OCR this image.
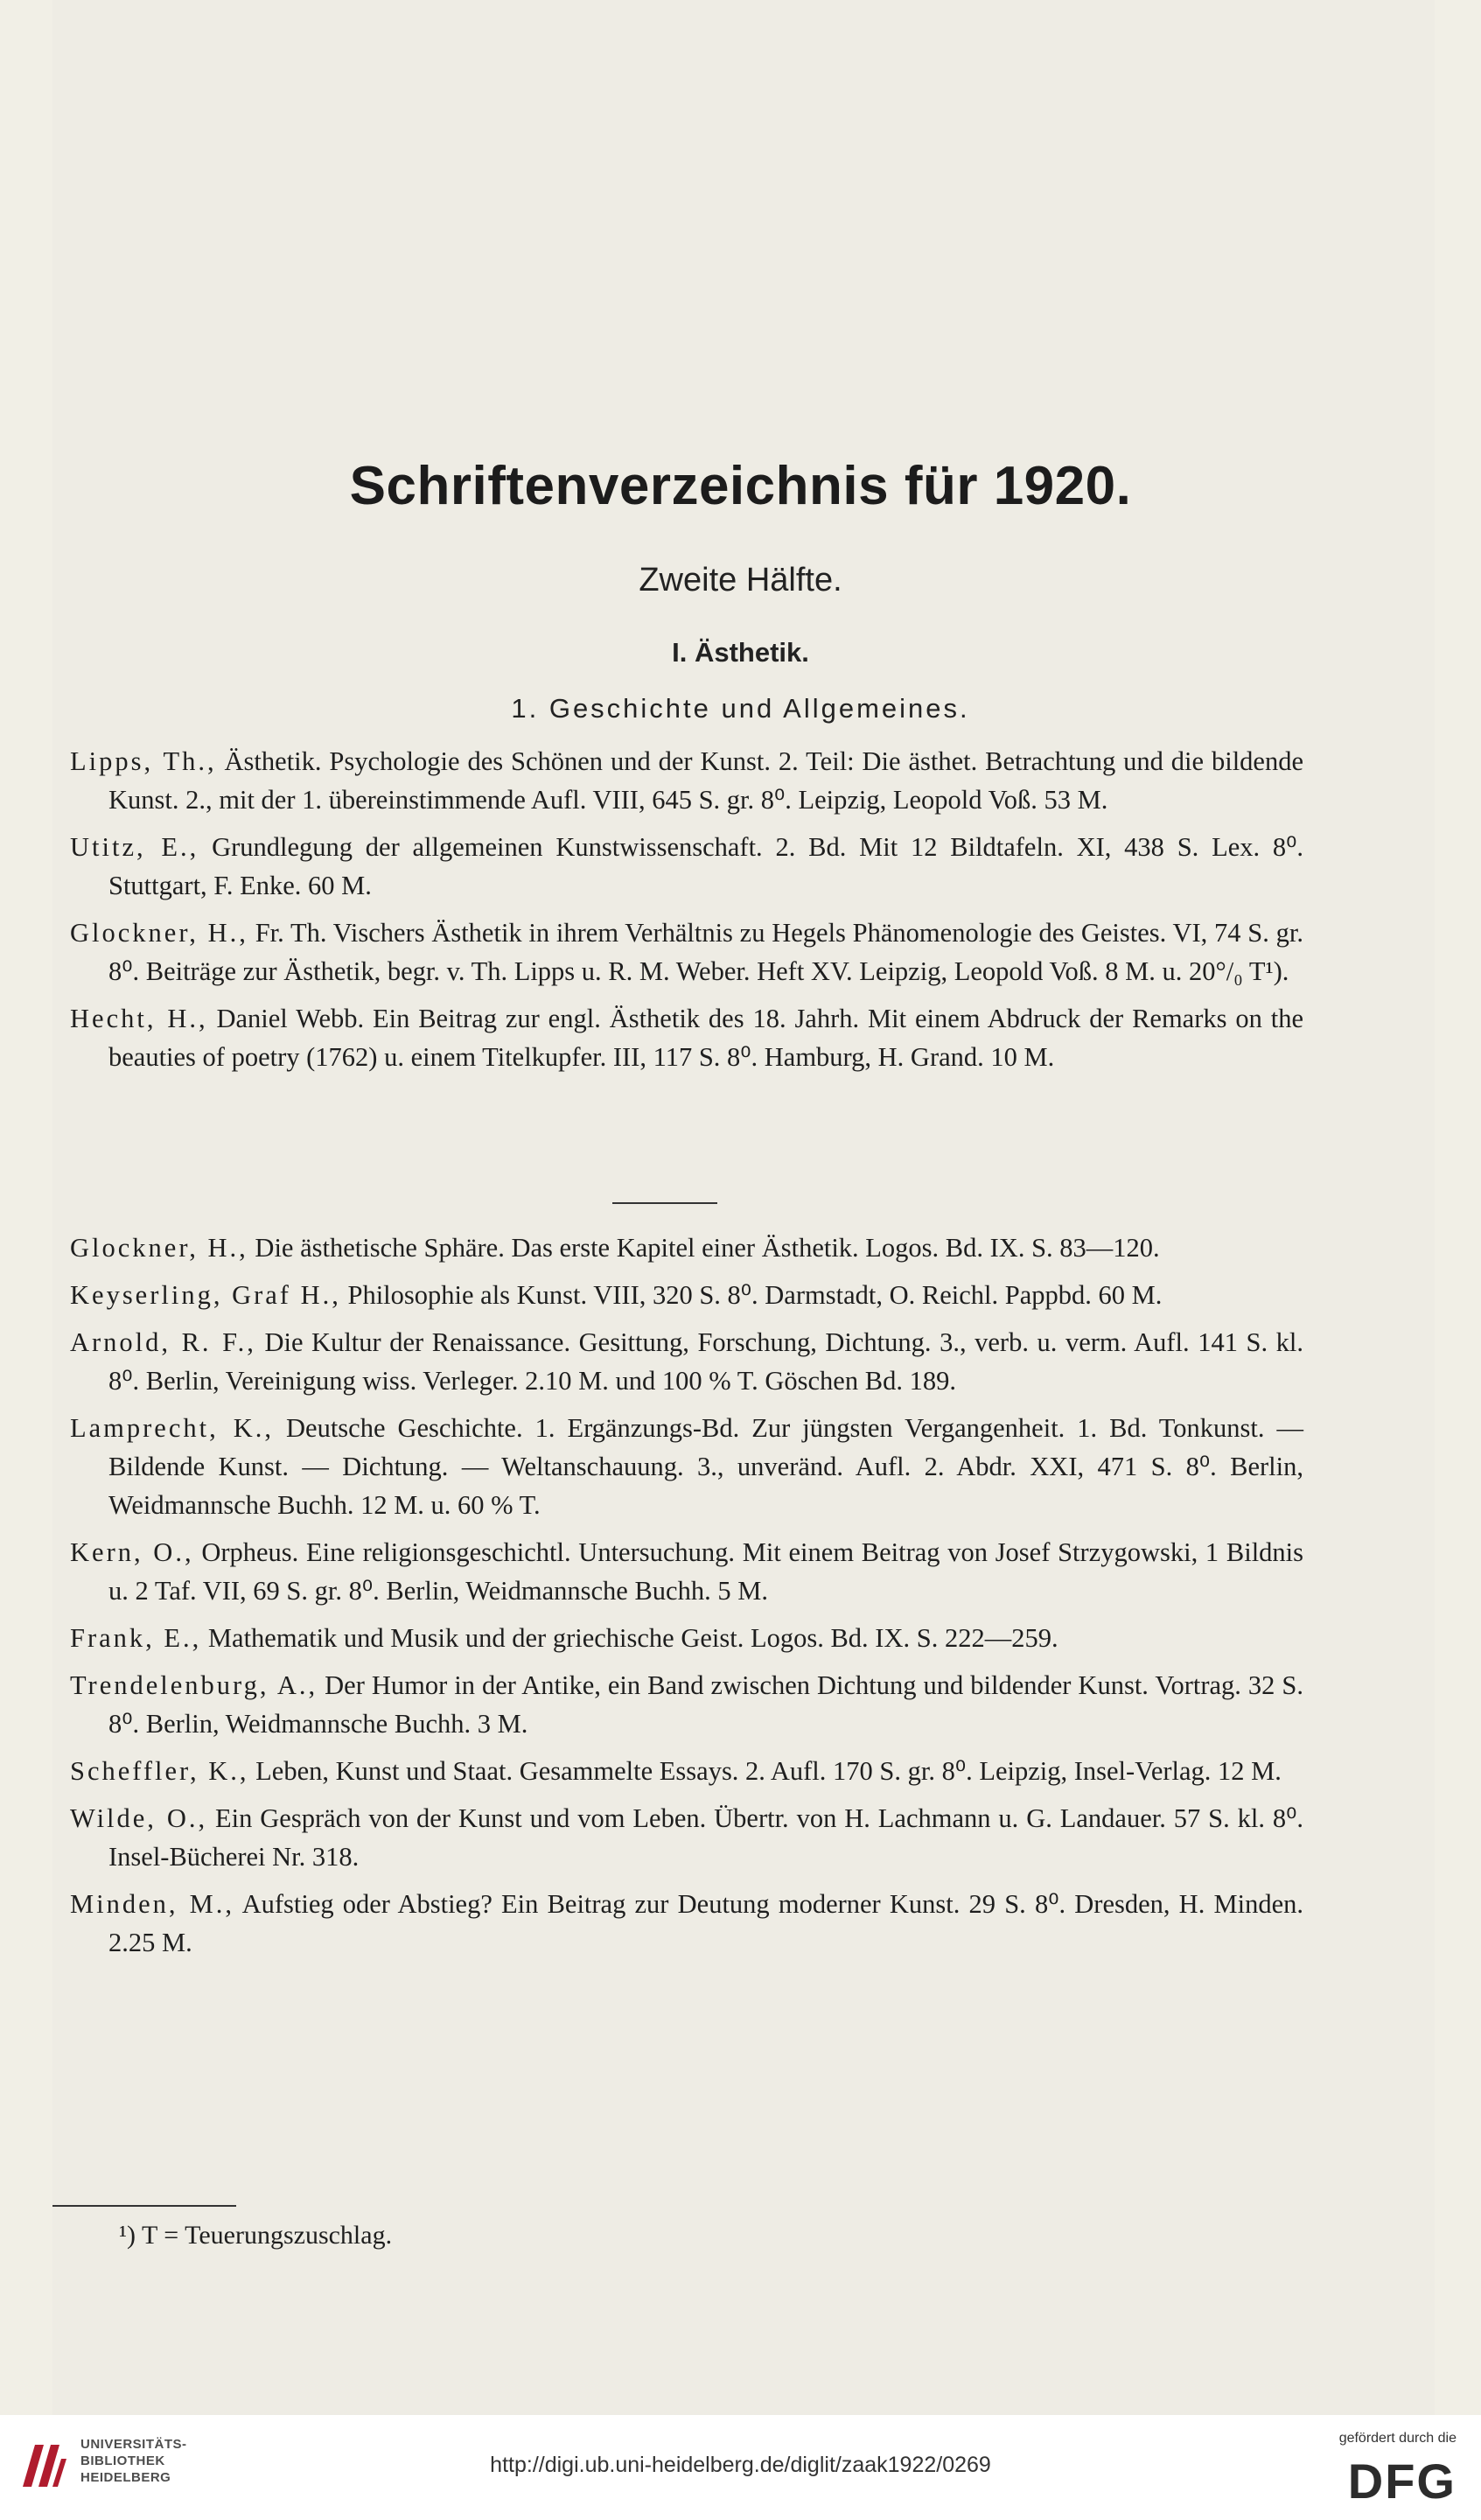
Schriftenverzeichnis für 1920.
Zweite Hälfte.
I. Ästhetik.
1. Geschichte und Allgemeines.

Lipps, Th., Ästhetik. Psychologie des Schönen und der Kunst. 2. Teil: Die ästhet. Betrachtung und die bildende Kunst. 2., mit der 1. übereinstimmende Aufl. VIII, 645 S. gr. 8⁰. Leipzig, Leopold Voß. 53 M.

Utitz, E., Grundlegung der allgemeinen Kunstwissenschaft. 2. Bd. Mit 12 Bildtafeln. XI, 438 S. Lex. 8⁰. Stuttgart, F. Enke. 60 M.

Glockner, H., Fr. Th. Vischers Ästhetik in ihrem Verhältnis zu Hegels Phänomenologie des Geistes. VI, 74 S. gr. 8⁰. Beiträge zur Ästhetik, begr. v. Th. Lipps u. R. M. Weber. Heft XV. Leipzig, Leopold Voß. 8 M. u. 20°/₀ T¹).

Hecht, H., Daniel Webb. Ein Beitrag zur engl. Ästhetik des 18. Jahrh. Mit einem Abdruck der Remarks on the beauties of poetry (1762) u. einem Titelkupfer. III, 117 S. 8⁰. Hamburg, H. Grand. 10 M.

Glockner, H., Die ästhetische Sphäre. Das erste Kapitel einer Ästhetik. Logos. Bd. IX. S. 83—120.

Keyserling, Graf H., Philosophie als Kunst. VIII, 320 S. 8⁰. Darmstadt, O. Reichl. Pappbd. 60 M.

Arnold, R. F., Die Kultur der Renaissance. Gesittung, Forschung, Dichtung. 3., verb. u. verm. Aufl. 141 S. kl. 8⁰. Berlin, Vereinigung wiss. Verleger. 2.10 M. und 100 % T. Göschen Bd. 189.

Lamprecht, K., Deutsche Geschichte. 1. Ergänzungs-Bd. Zur jüngsten Vergangenheit. 1. Bd. Tonkunst. — Bildende Kunst. — Dichtung. — Weltanschauung. 3., unveränd. Aufl. 2. Abdr. XXI, 471 S. 8⁰. Berlin, Weidmannsche Buchh. 12 M. u. 60 % T.

Kern, O., Orpheus. Eine religionsgeschichtl. Untersuchung. Mit einem Beitrag von Josef Strzygowski, 1 Bildnis u. 2 Taf. VII, 69 S. gr. 8⁰. Berlin, Weidmannsche Buchh. 5 M.

Frank, E., Mathematik und Musik und der griechische Geist. Logos. Bd. IX. S. 222—259.

Trendelenburg, A., Der Humor in der Antike, ein Band zwischen Dichtung und bildender Kunst. Vortrag. 32 S. 8⁰. Berlin, Weidmannsche Buchh. 3 M.

Scheffler, K., Leben, Kunst und Staat. Gesammelte Essays. 2. Aufl. 170 S. gr. 8⁰. Leipzig, Insel-Verlag. 12 M.

Wilde, O., Ein Gespräch von der Kunst und vom Leben. Übertr. von H. Lachmann u. G. Landauer. 57 S. kl. 8⁰. Insel-Bücherei Nr. 318.

Minden, M., Aufstieg oder Abstieg? Ein Beitrag zur Deutung moderner Kunst. 29 S. 8⁰. Dresden, H. Minden. 2.25 M.

¹) T = Teuerungszuschlag.
UNIVERSITÄTS-
BIBLIOTHEK
HEIDELBERG
http://digi.ub.uni-heidelberg.de/diglit/zaak1922/0269
gefördert durch die
DFG
